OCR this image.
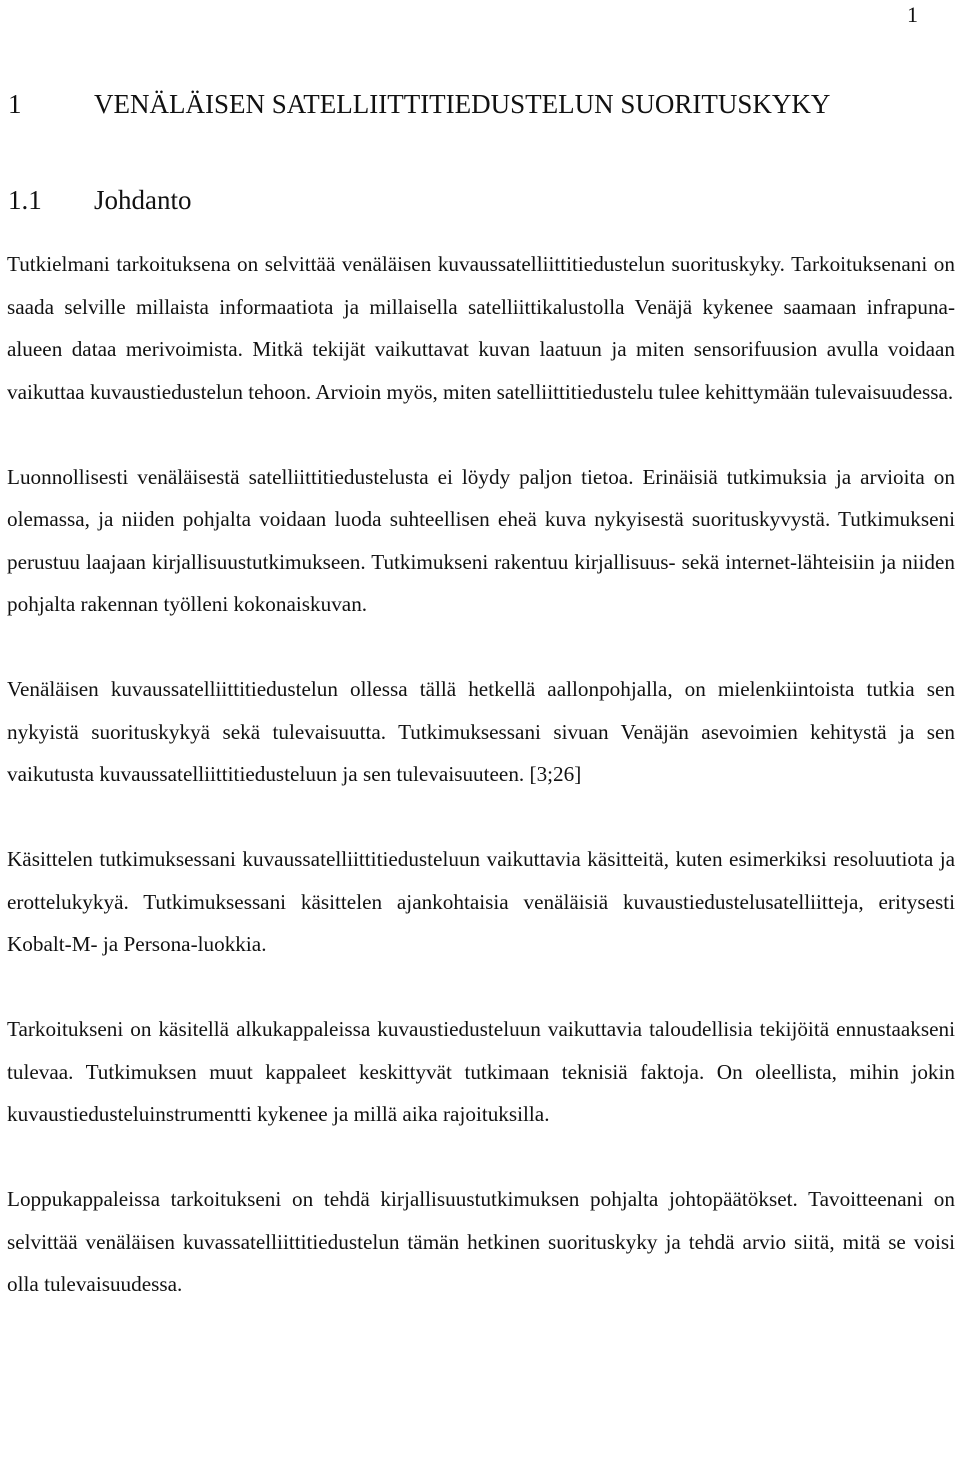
1
1	VENÄLÄISEN SATELLIITTITIEDUSTELUN SUORITUSKYKY
1.1 Johdanto

Tutkielmani tarkoituksena on selvittää venäläisen kuvaussatelliittitiedustelun suorituskyky. Tarkoituksenani on saada selville millaista informaatiota ja millaisella satelliittikalustolla Venäjä kykenee saamaan infrapuna-alueen dataa merivoimista. Mitkä tekijät vaikuttavat kuvan laatuun ja miten sensorifuusion avulla voidaan vaikuttaa kuvaustiedustelun tehoon. Arvioin myös, miten satelliittitiedustelu tulee kehittymään tulevaisuudessa.

Luonnollisesti venäläisestä satelliittitiedustelusta ei löydy paljon tietoa. Erinäisiä tutkimuksia ja arvioita on olemassa, ja niiden pohjalta voidaan luoda suhteellisen eheä kuva nykyisestä suorituskyvystä. Tutkimukseni perustuu laajaan kirjallisuustutkimukseen. Tutkimukseni rakentuu kirjallisuus- sekä internet-lähteisiin ja niiden pohjalta rakennan työlleni kokonaiskuvan.

Venäläisen kuvaussatelliittitiedustelun ollessa tällä hetkellä aallonpohjalla, on mielenkiintoista tutkia sen nykyistä suorituskykyä sekä tulevaisuutta. Tutkimuksessani sivuan Venäjän asevoimien kehitystä ja sen vaikutusta kuvaussatelliittitiedusteluun ja sen tulevaisuuteen. [3;26]

Käsittelen tutkimuksessani kuvaussatelliittitiedusteluun vaikuttavia käsitteitä, kuten esimerkiksi resoluutiota ja erottelukykyä. Tutkimuksessani käsittelen ajankohtaisia venäläisiä kuvaustiedustelusatelliitteja, eritysesti Kobalt-M- ja Persona-luokkia.

Tarkoitukseni on käsitellä alkukappaleissa kuvaustiedusteluun vaikuttavia taloudellisia tekijöitä ennustaakseni tulevaa. Tutkimuksen muut kappaleet keskittyvät tutkimaan teknisiä faktoja. On oleellista, mihin jokin kuvaustiedusteluinstrumentti kykenee ja millä aika rajoituksilla.

Loppukappaleissa tarkoitukseni on tehdä kirjallisuustutkimuksen pohjalta johtopäätökset. Tavoitteenani on selvittää venäläisen kuvassatelliittitiedustelun tämän hetkinen suorituskyky ja tehdä arvio siitä, mitä se voisi olla tulevaisuudessa.
